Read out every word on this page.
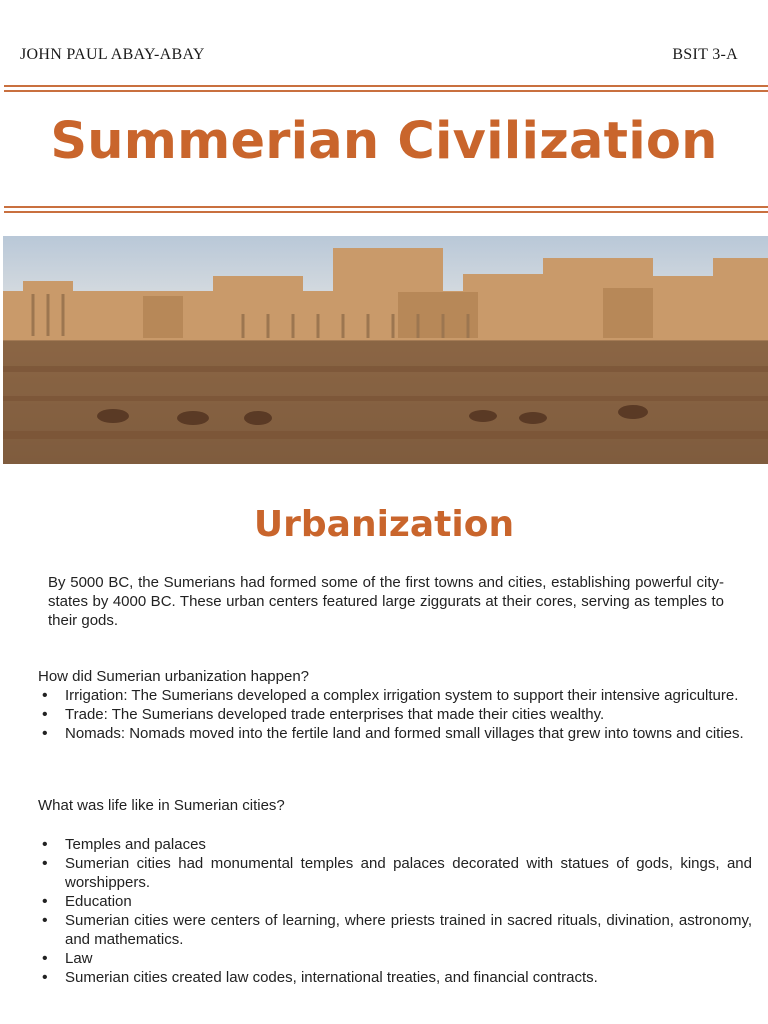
JOHN PAUL ABAY-ABAY	BSIT 3-A
Summerian Civilization
Urbanization
By 5000 BC, the Sumerians had formed some of the first towns and cities, establishing powerful city-states by 4000 BC. These urban centers featured large ziggurats at their cores, serving as temples to their gods.
How did Sumerian urbanization happen?
• Irrigation: The Sumerians developed a complex irrigation system to support their intensive agriculture.
• Trade: The Sumerians developed trade enterprises that made their cities wealthy.
• Nomads: Nomads moved into the fertile land and formed small villages that grew into towns and cities.
What was life like in Sumerian cities?
• Temples and palaces
• Sumerian cities had monumental temples and palaces decorated with statues of gods, kings, and worshippers.
• Education
• Sumerian cities were centers of learning, where priests trained in sacred rituals, divination, astronomy, and mathematics.
• Law
• Sumerian cities created law codes, international treaties, and financial contracts.
